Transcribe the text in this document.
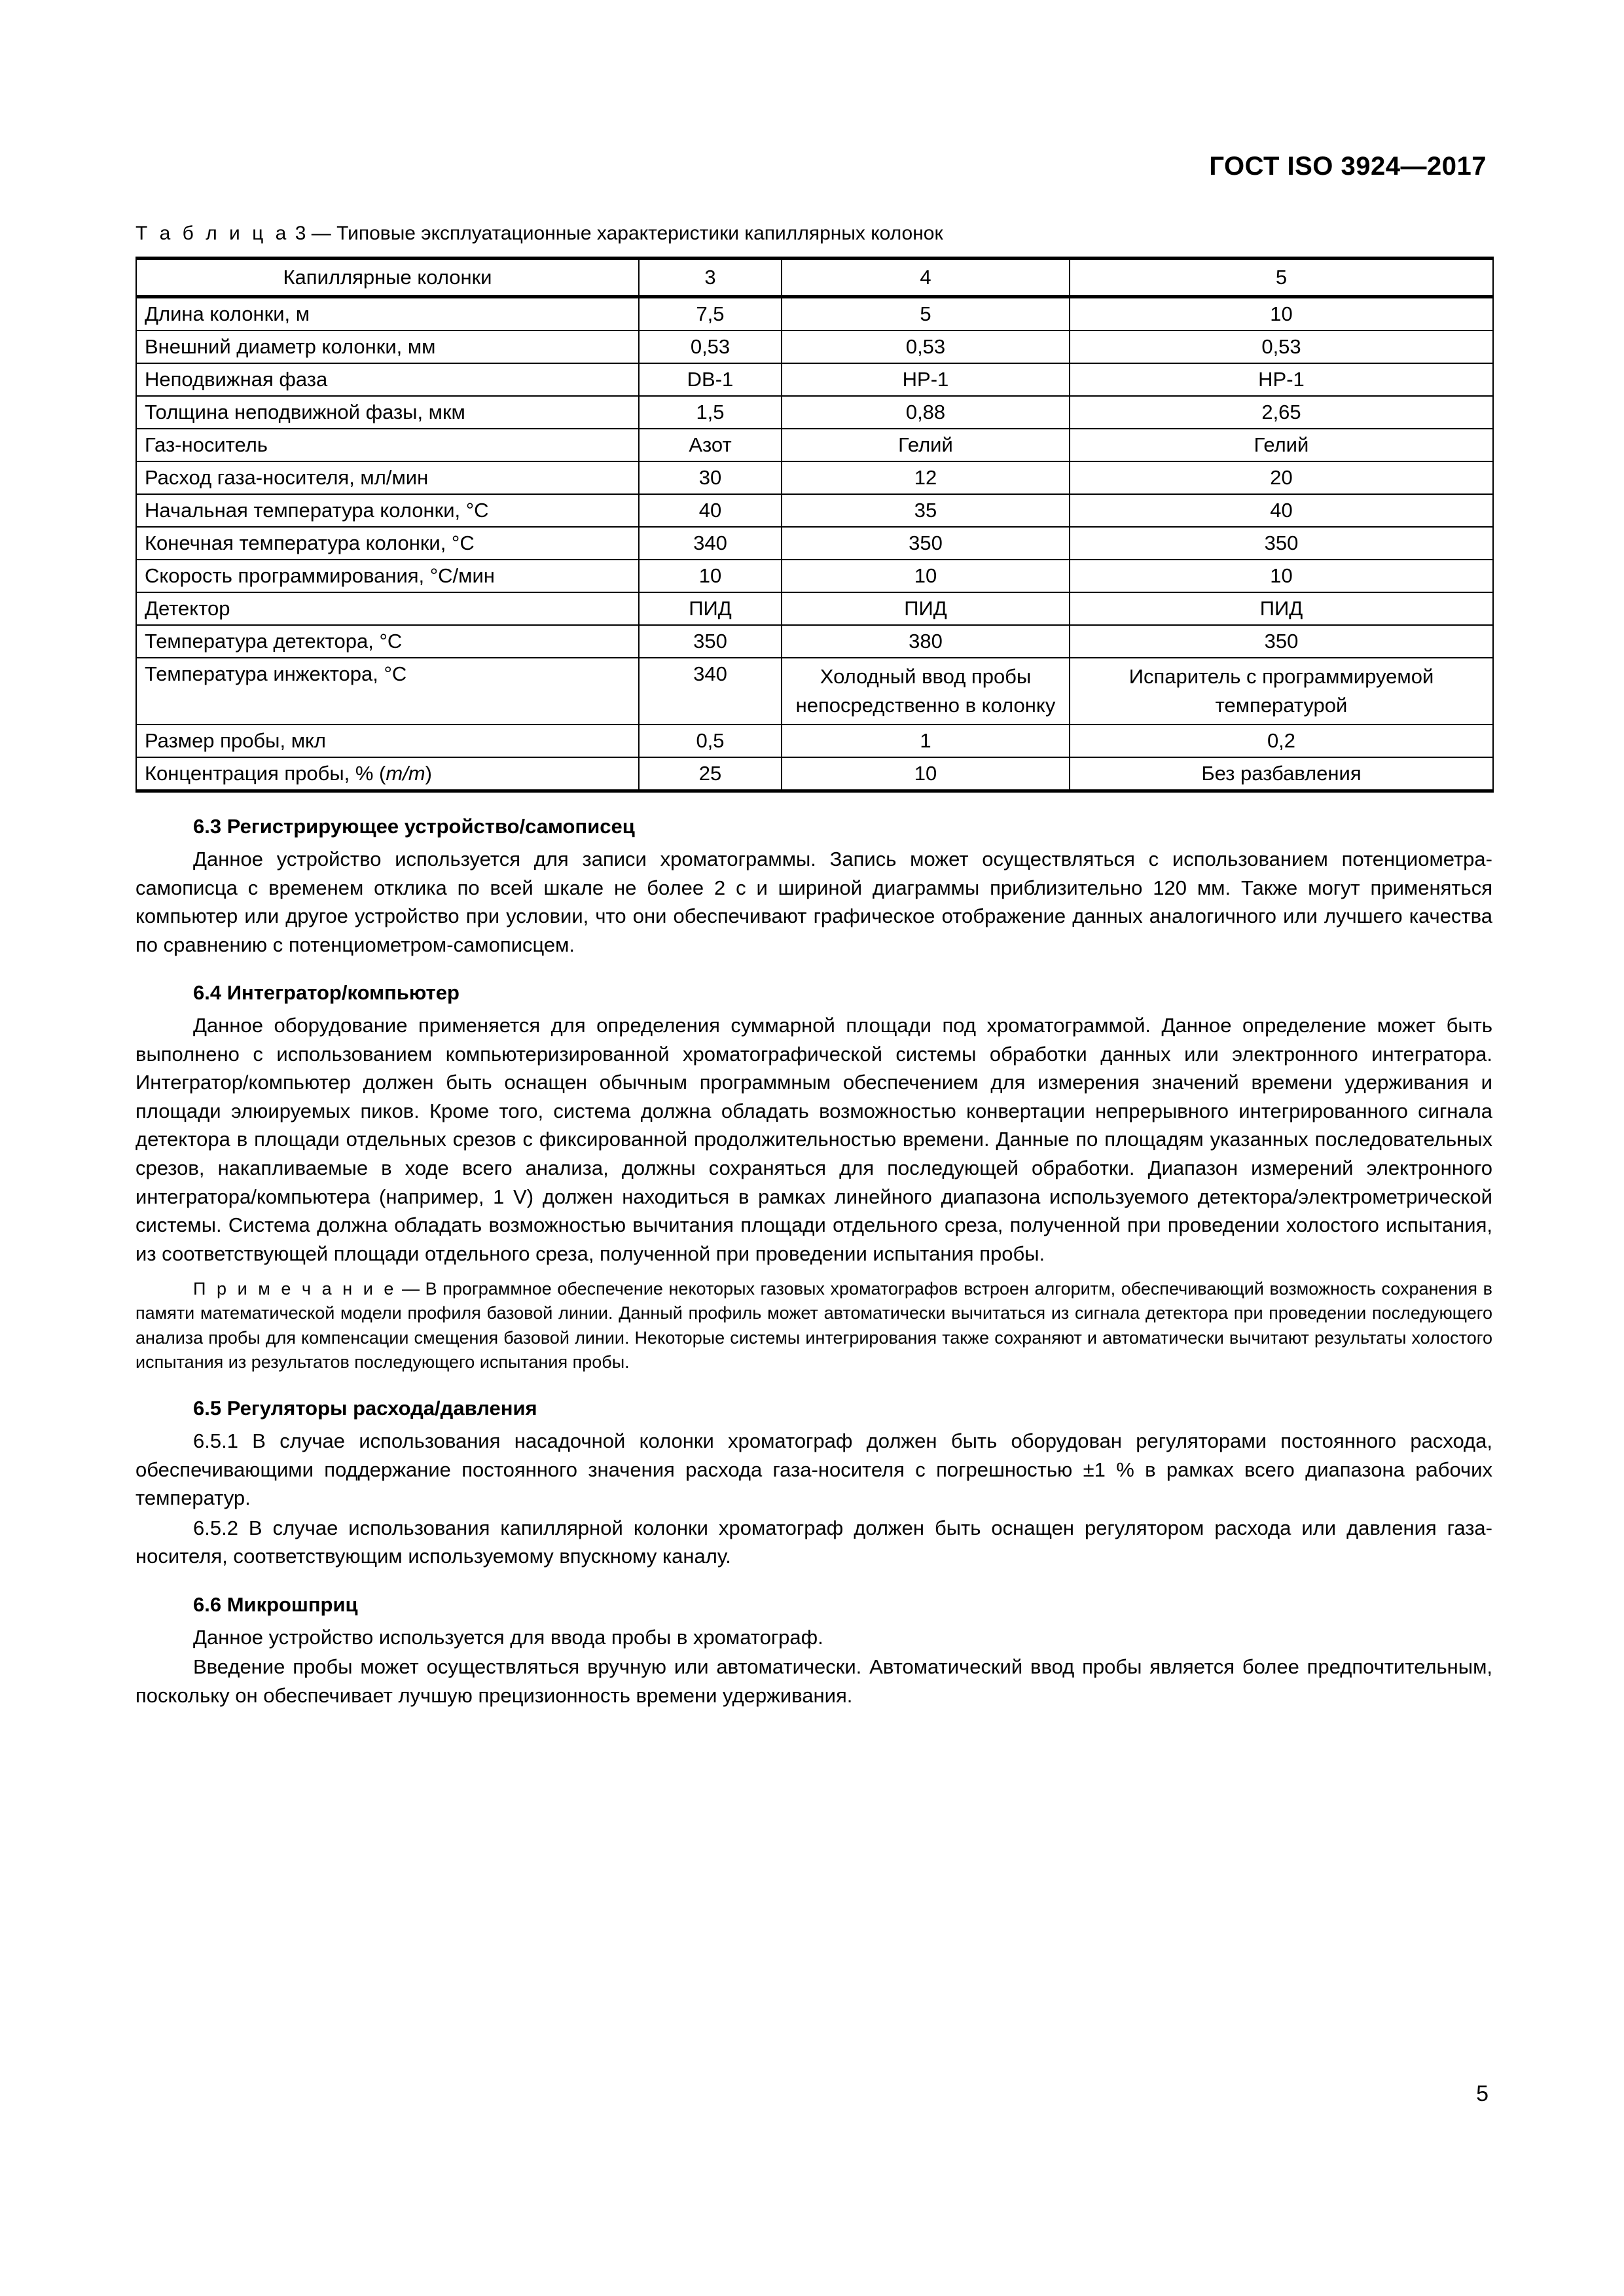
ГОСТ ISO 3924—2017
Т а б л и ц а 3 — Типовые эксплуатационные характеристики капиллярных колонок
Капиллярные колонки	3	4	5
Длина колонки, м	7,5	5	10
Внешний диаметр колонки, мм	0,53	0,53	0,53
Неподвижная фаза	DB-1	HP-1	HP-1
Толщина неподвижной фазы, мкм	1,5	0,88	2,65
Газ-носитель	Азот	Гелий	Гелий
Расход газа-носителя, мл/мин	30	12	20
Начальная температура колонки, °С	40	35	40
Конечная температура колонки, °С	340	350	350
Скорость программирования, °С/мин	10	10	10
Детектор	ПИД	ПИД	ПИД
Температура детектора, °С	350	380	350
Температура инжектора, °С	340	Холодный ввод пробы непосредственно в колонку	Испаритель с программируемой температурой
Размер пробы, мкл	0,5	1	0,2
Концентрация пробы, % (m/m)	25	10	Без разбавления
6.3 Регистрирующее устройство/самописец

Данное устройство используется для записи хроматограммы. Запись может осуществляться с использованием потенциометра-самописца с временем отклика по всей шкале не более 2 с и шириной диаграммы приблизительно 120 мм. Также могут применяться компьютер или другое устройство при условии, что они обеспечивают графическое отображение данных аналогичного или лучшего качества по сравнению с потенциометром-самописцем.

6.4 Интегратор/компьютер

Данное оборудование применяется для определения суммарной площади под хроматограммой. Данное определение может быть выполнено с использованием компьютеризированной хроматографической системы обработки данных или электронного интегратора. Интегратор/компьютер должен быть оснащен обычным программным обеспечением для измерения значений времени удерживания и площади элюируемых пиков. Кроме того, система должна обладать возможностью конвертации непрерывного интегрированного сигнала детектора в площади отдельных срезов с фиксированной продолжительностью времени. Данные по площадям указанных последовательных срезов, накапливаемые в ходе всего анализа, должны сохраняться для последующей обработки. Диапазон измерений электронного интегратора/компьютера (например, 1 V) должен находиться в рамках линейного диапазона используемого детектора/электрометрической системы. Система должна обладать возможностью вычитания площади отдельного среза, полученной при проведении холостого испытания, из соответствующей площади отдельного среза, полученной при проведении испытания пробы.

П р и м е ч а н и е — В программное обеспечение некоторых газовых хроматографов встроен алгоритм, обеспечивающий возможность сохранения в памяти математической модели профиля базовой линии. Данный профиль может автоматически вычитаться из сигнала детектора при проведении последующего анализа пробы для компенсации смещения базовой линии. Некоторые системы интегрирования также сохраняют и автоматически вычитают результаты холостого испытания из результатов последующего испытания пробы.

6.5 Регуляторы расхода/давления

6.5.1 В случае использования насадочной колонки хроматограф должен быть оборудован регуляторами постоянного расхода, обеспечивающими поддержание постоянного значения расхода газа-носителя с погрешностью ±1 % в рамках всего диапазона рабочих температур.

6.5.2 В случае использования капиллярной колонки хроматограф должен быть оснащен регулятором расхода или давления газа-носителя, соответствующим используемому впускному каналу.

6.6 Микрошприц

Данное устройство используется для ввода пробы в хроматограф.

Введение пробы может осуществляться вручную или автоматически. Автоматический ввод пробы является более предпочтительным, поскольку он обеспечивает лучшую прецизионность времени удерживания.

5
